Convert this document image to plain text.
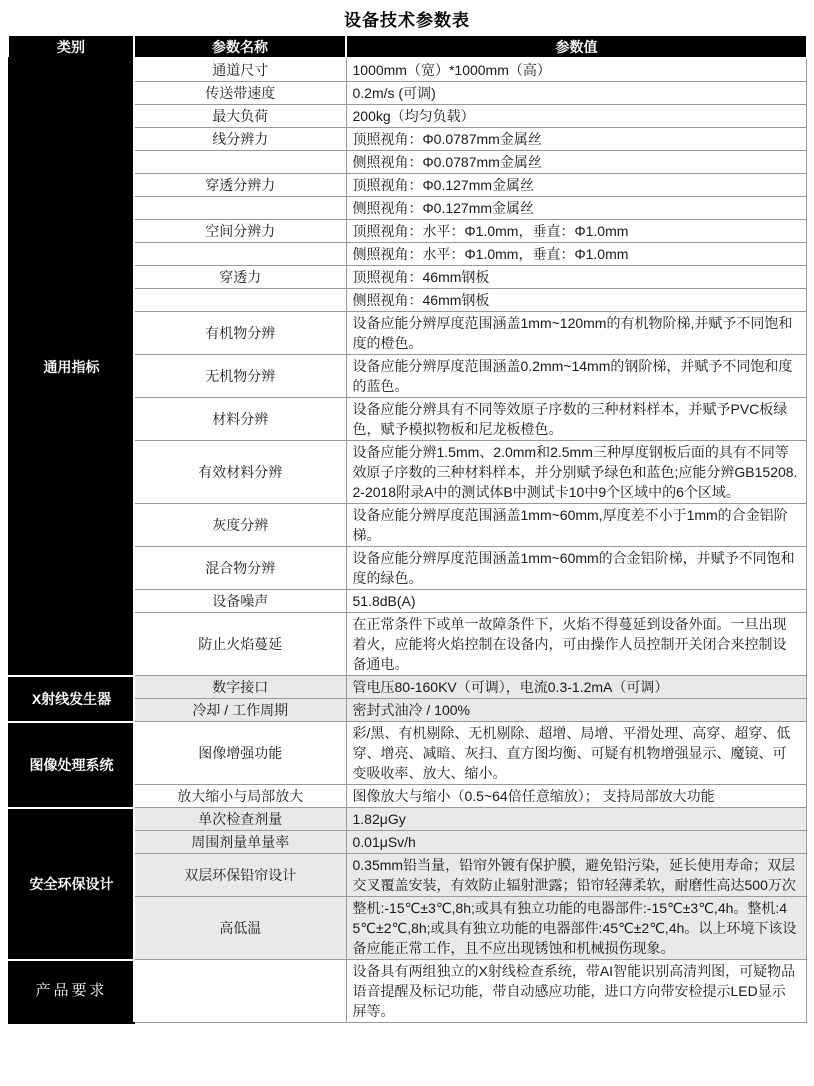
设备技术参数表
类别	参数名称	参数值
通用指标	通道尺寸	1000mm（宽）*1000mm（高）
	传送带速度	0.2m/s (可调)
	最大负荷	200kg（均匀负载）
	线分辨力	顶照视角：Φ0.0787mm金属丝
		侧照视角：Φ0.0787mm金属丝
	穿透分辨力	顶照视角：Φ0.127mm金属丝
		侧照视角：Φ0.127mm金属丝
	空间分辨力	顶照视角：水平：Φ1.0mm，垂直：Φ1.0mm
		侧照视角：水平：Φ1.0mm，垂直：Φ1.0mm
	穿透力	顶照视角：46mm钢板
		侧照视角：46mm钢板
	有机物分辨	设备应能分辨厚度范围涵盖1mm~120mm的有机物阶梯,并赋予不同饱和度的橙色。
	无机物分辨	设备应能分辨厚度范围涵盖0.2mm~14mm的钢阶梯，并赋予不同饱和度的蓝色。
	材料分辨	设备应能分辨具有不同等效原子序数的三种材料样本，并赋予PVC板绿色，赋予模拟物板和尼龙板橙色。
	有效材料分辨	设备应能分辨1.5mm、2.0mm和2.5mm三种厚度钢板后面的具有不同等效原子序数的三种材料样本，并分别赋予绿色和蓝色;应能分辨GB15208.2-2018附录A中的测试体B中测试卡10中9个区域中的6个区域。
	灰度分辨	设备应能分辨厚度范围涵盖1mm~60mm,厚度差不小于1mm的合金铝阶梯。
	混合物分辨	设备应能分辨厚度范围涵盖1mm~60mm的合金铝阶梯，并赋予不同饱和度的绿色。
	设备噪声	51.8dB(A)
	防止火焰蔓延	在正常条件下或单一故障条件下，火焰不得蔓延到设备外面。一旦出现着火，应能将火焰控制在设备内，可由操作人员控制开关闭合来控制设备通电。
X射线发生器	数字接口	管电压80-160KV（可调），电流0.3-1.2mA（可调）
	冷却 / 工作周期	密封式油冷 / 100%
图像处理系统	图像增强功能	彩/黑、有机剔除、无机剔除、超增、局增、平滑处理、高穿、超穿、低穿、增亮、减暗、灰扫、直方图均衡、可疑有机物增强显示、魔镜、可变吸收率、放大、缩小。
	放大缩小与局部放大	图像放大与缩小（0.5~64倍任意缩放）； 支持局部放大功能
安全环保设计	单次检查剂量	1.82μGy
	周围剂量单量率	0.01μSv/h
	双层环保铅帘设计	0.35mm铅当量，铅帘外镀有保护膜，避免铅污染，延长使用寿命；双层交叉覆盖安装，有效防止辐射泄露；铅帘轻薄柔软，耐磨性高达500万次
	高低温	整机:-15℃±3℃,8h;或具有独立功能的电器部件:-15℃±3℃,4h。整机:45℃±2℃,8h;或具有独立功能的电器部件:45℃±2℃,4h。以上环境下该设备应能正常工作，且不应出现锈蚀和机械损伤现象。
产品要求		设备具有两组独立的X射线检查系统，带AI智能识别高清判图，可疑物品语音提醒及标记功能，带自动感应功能，进口方向带安检提示LED显示屏等。
